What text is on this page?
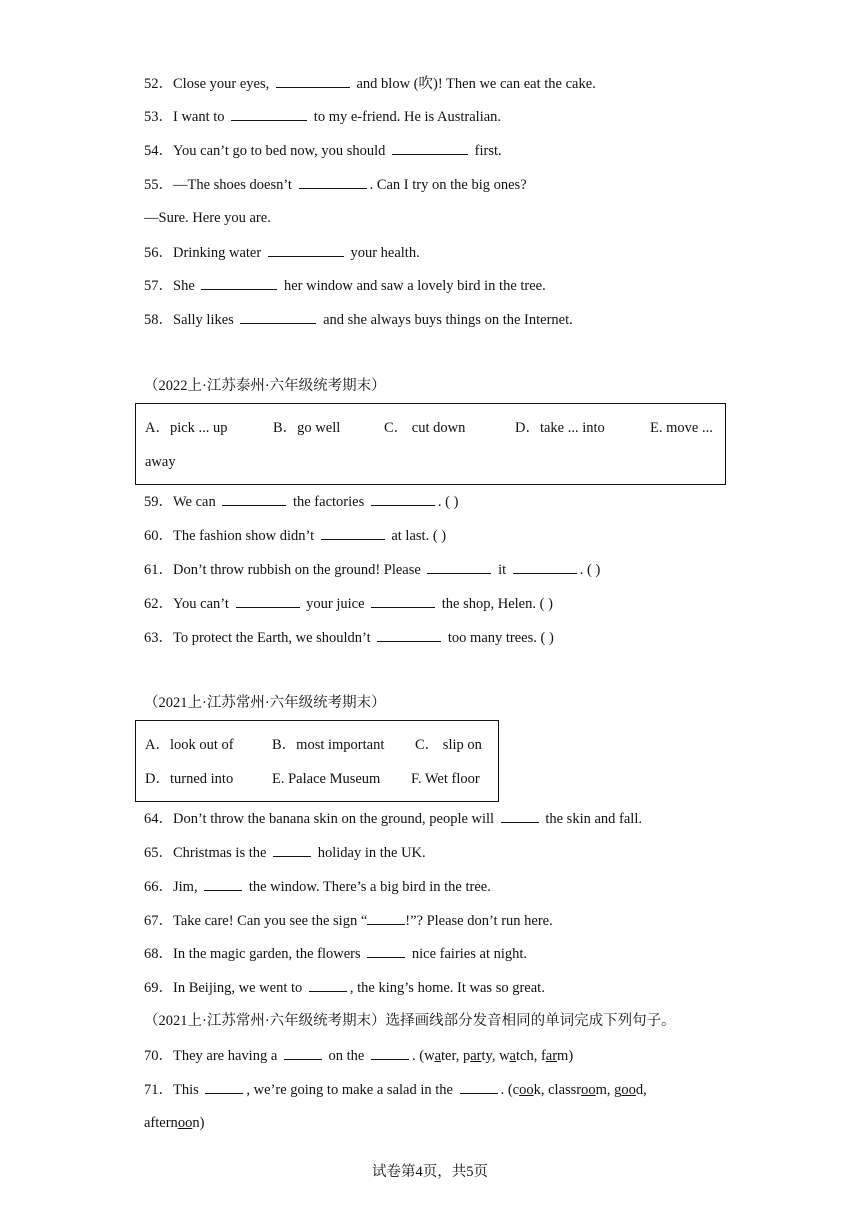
52．Close your eyes,	and blow (吹)! Then we can eat the cake.
53．I want to	to my e-friend. He is Australian.
54．You can’t go to bed now, you should	first.
55．—The shoes doesn’t	. Can I try on the big ones?
—Sure. Here you are.
56．Drinking water	your health.
57．She	her window and saw a lovely bird in the tree.
58．Sally likes	and she always buys things on the Internet.
（2022上·江苏泰州·六年级统考期末）
A．pick ... up	B．go well	C． cut down	D．take ... into	E. move ...
away
59．We can	the factories	. ( )
60．The fashion show didn’t	at last. ( )
61．Don’t throw rubbish on the ground! Please	it	. ( )
62．You can’t	your juice	the shop, Helen. ( )
63．To protect the Earth, we shouldn’t	too many trees. ( )
（2021上·江苏常州·六年级统考期末）
A．look out of	B．most important C． slip on
D．turned into	E. Palace Museum F. Wet floor
64．Don’t throw the banana skin on the ground, people will	the skin and fall.
65．Christmas is the	holiday in the UK.
66．Jim,	the window. There’s a big bird in the tree.
67．Take care! Can you see the sign “	!”? Please don’t run here.
68．In the magic garden, the flowers	nice fairies at night.
69．In Beijing, we went to	, the king’s home. It was so great.
（2021上·江苏常州·六年级统考期末）选择画线部分发音相同的单词完成下列句子。
70．They are having a	on the	. (water, party, watch, farm)
71．This	, we’re going to make a salad in the	. (cook, classroom, good,
afternoon)
试卷第4页，共5页
